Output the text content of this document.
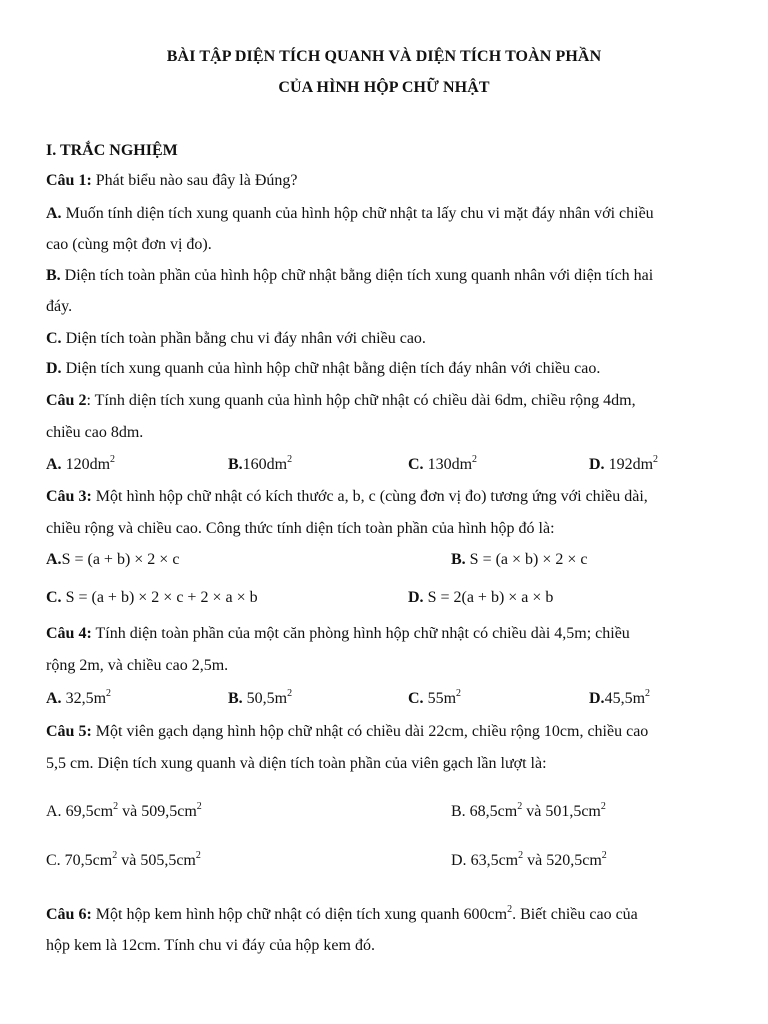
BÀI TẬP DIỆN TÍCH QUANH VÀ DIỆN TÍCH TOÀN PHẦN
CỦA HÌNH HỘP CHỮ NHẬT
I. TRẮC NGHIỆM
Câu 1: Phát biểu nào sau đây là Đúng?
A. Muốn tính diện tích xung quanh của hình hộp chữ nhật ta lấy chu vi mặt đáy nhân với chiều
cao (cùng một đơn vị đo).
B. Diện tích toàn phần của hình hộp chữ nhật bằng diện tích xung quanh nhân với diện tích hai
đáy.
C. Diện tích toàn phần bằng chu vi đáy nhân với chiều cao.
D. Diện tích xung quanh của hình hộp chữ nhật bằng diện tích đáy nhân với chiều cao.
Câu 2: Tính diện tích xung quanh của hình hộp chữ nhật có chiều dài 6dm, chiều rộng 4dm,
chiều cao 8dm.
A. $120dm^2$	$B.160dm^2$	C. $130dm^2$	D. $192dm^2$
Câu 3: Một hình hộp chữ nhật có kích thước a, b, c (cùng đơn vị đo) tương ứng với chiều dài,
chiều rộng và chiều cao. Công thức tính diện tích toàn phần của hình hộp đó là:
A.S = (a + b) × 2 × c	B. S = (a × b) × 2 × c
C. S = (a + b) × 2 × c + 2 × a × b	D. S = 2(a + b) × a × b
Câu 4: Tính diện toàn phần của một căn phòng hình hộp chữ nhật có chiều dài 4,5m; chiều
rộng 2m, và chiều cao 2,5m.
A. $32,5m^2$	B. $50,5m^2$	C. $55m^2$	$D.45,5m^2$
Câu 5: Một viên gạch dạng hình hộp chữ nhật có chiều dài 22cm, chiều rộng 10cm, chiều cao
5,5 cm. Diện tích xung quanh và diện tích toàn phần của viên gạch lần lượt là:
A. $69,5cm^2$ và $509,5cm^2$	B. $68,5cm^2$ và $501,5cm^2$
C. $70,5cm^2$ và $505,5cm^2$	D. $63,5cm^2$ và $520,5cm^2$
Câu 6: Một hộp kem hình hộp chữ nhật có diện tích xung quanh $600cm^2$. Biết chiều cao của
hộp kem là 12cm. Tính chu vi đáy của hộp kem đó.
